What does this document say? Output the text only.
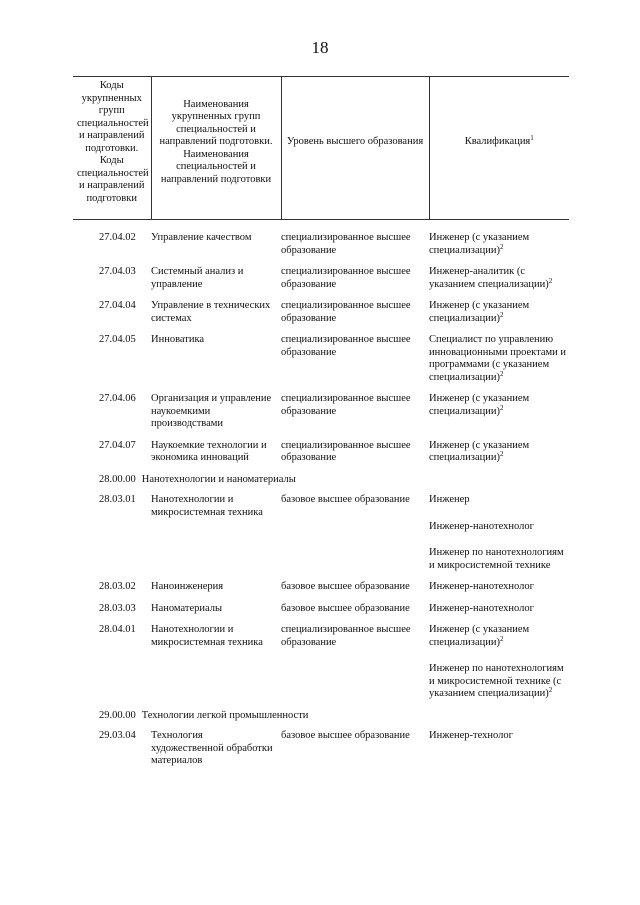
18
Коды укрупненных групп специальностей и направлений подготовки. Коды специальностей и направлений подготовки	Наименования укрупненных групп специальностей и направлений подготовки. Наименования специальностей и направлений подготовки	Уровень высшего образования	Квалификация$^1$
27.04.02	Управление качеством	специализированное высшее образование	Инженер (с указанием специализации)$^2$

27.04.03	Системный анализ и управление	специализированное высшее образование	Инженер-аналитик (с указанием специализации)$^2$

27.04.04	Управление в технических системах	специализированное высшее образование	Инженер (с указанием специализации)$^2$

27.04.05	Инноватика	специализированное высшее образование	Специалист по управлению инновационными проектами и программами (с указанием специализации)$^2$

27.04.06	Организация и управление наукоемкими производствами	специализированное высшее образование	Инженер (с указанием специализации)$^2$

27.04.07	Наукоемкие технологии и экономика инноваций	специализированное высшее образование	Инженер (с указанием специализации)$^2$

28.00.00 Нанотехнологии и наноматериалы			
28.03.01	Нанотехнологии и микросистемная техника	базовое высшее образование	Инженер
Инженер-нанотехнолог
Инженер по нанотехнологиям и микросистемной технике

28.03.02	Наноинженерия	базовое высшее образование	Инженер-нанотехнолог

28.03.03	Наноматериалы	базовое высшее образование	Инженер-нанотехнолог

28.04.01	Нанотехнологии и микросистемная техника	специализированное высшее образование	Инженер (с указанием специализации)$^2$
Инженер по нанотехнологиям и микросистемной технике (с указанием специализации)$^2$

29.00.00 Технологии легкой промышленности			
29.03.04	Технология художественной обработки материалов	базовое высшее образование	Инженер-технолог
